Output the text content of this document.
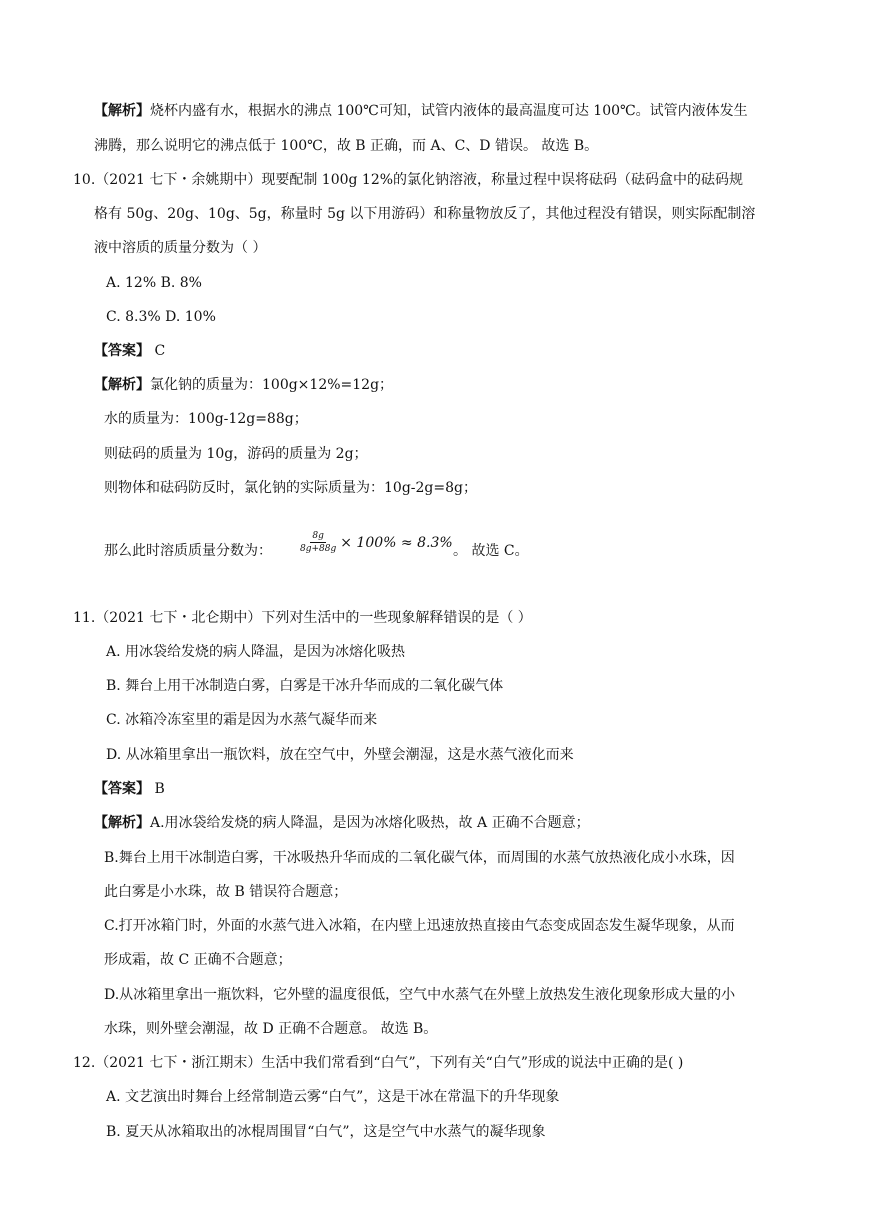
【解析】烧杯内盛有水，根据水的沸点 100℃可知，试管内液体的最高温度可达 100℃。试管内液体发生
沸腾，那么说明它的沸点低于 100℃，故 B 正确，而 A、C、D 错误。 故选 B。
10.（2021 七下・余姚期中）现要配制 100g 12%的氯化钠溶液，称量过程中误将砝码（砝码盒中的砝码规
格有 50g、20g、10g、5g，称量时 5g 以下用游码）和称量物放反了，其他过程没有错误，则实际配制溶
液中溶质的质量分数为（ ）
A. 12% B. 8%
C. 8.3% D. 10%
【答案】 C
【解析】氯化钠的质量为：100g×12%=12g；
水的质量为：100g-12g=88g；
则砝码的质量为 10g，游码的质量为 2g；
则物体和砝码防反时，氯化钠的实际质量为：10g-2g=8g；
那么此时溶质质量分数为：	。 故选 C。
11.（2021 七下・北仑期中）下列对生活中的一些现象解释错误的是（ ）
A. 用冰袋给发烧的病人降温，是因为冰熔化吸热
B. 舞台上用干冰制造白雾，白雾是干冰升华而成的二氧化碳气体
C. 冰箱冷冻室里的霜是因为水蒸气凝华而来
D. 从冰箱里拿出一瓶饮料，放在空气中，外壁会潮湿，这是水蒸气液化而来
【答案】 B
【解析】A.用冰袋给发烧的病人降温，是因为冰熔化吸热，故 A 正确不合题意；
B.舞台上用干冰制造白雾，干冰吸热升华而成的二氧化碳气体，而周围的水蒸气放热液化成小水珠，因
此白雾是小水珠，故 B 错误符合题意；
C.打开冰箱门时，外面的水蒸气进入冰箱，在内壁上迅速放热直接由气态变成固态发生凝华现象，从而
形成霜，故 C 正确不合题意；
D.从冰箱里拿出一瓶饮料，它外壁的温度很低，空气中水蒸气在外壁上放热发生液化现象形成大量的小
水珠，则外壁会潮湿，故 D 正确不合题意。 故选 B。
12.（2021 七下・浙江期末）生活中我们常看到“白气”，下列有关“白气”形成的说法中正确的是( )
A. 文艺演出时舞台上经常制造云雾“白气”，这是干冰在常温下的升华现象
B. 夏天从冰箱取出的冰棍周围冒“白气”，这是空气中水蒸气的凝华现象
$\frac{8g}{8g+88g} \times 100\% \approx 8.3\%$
